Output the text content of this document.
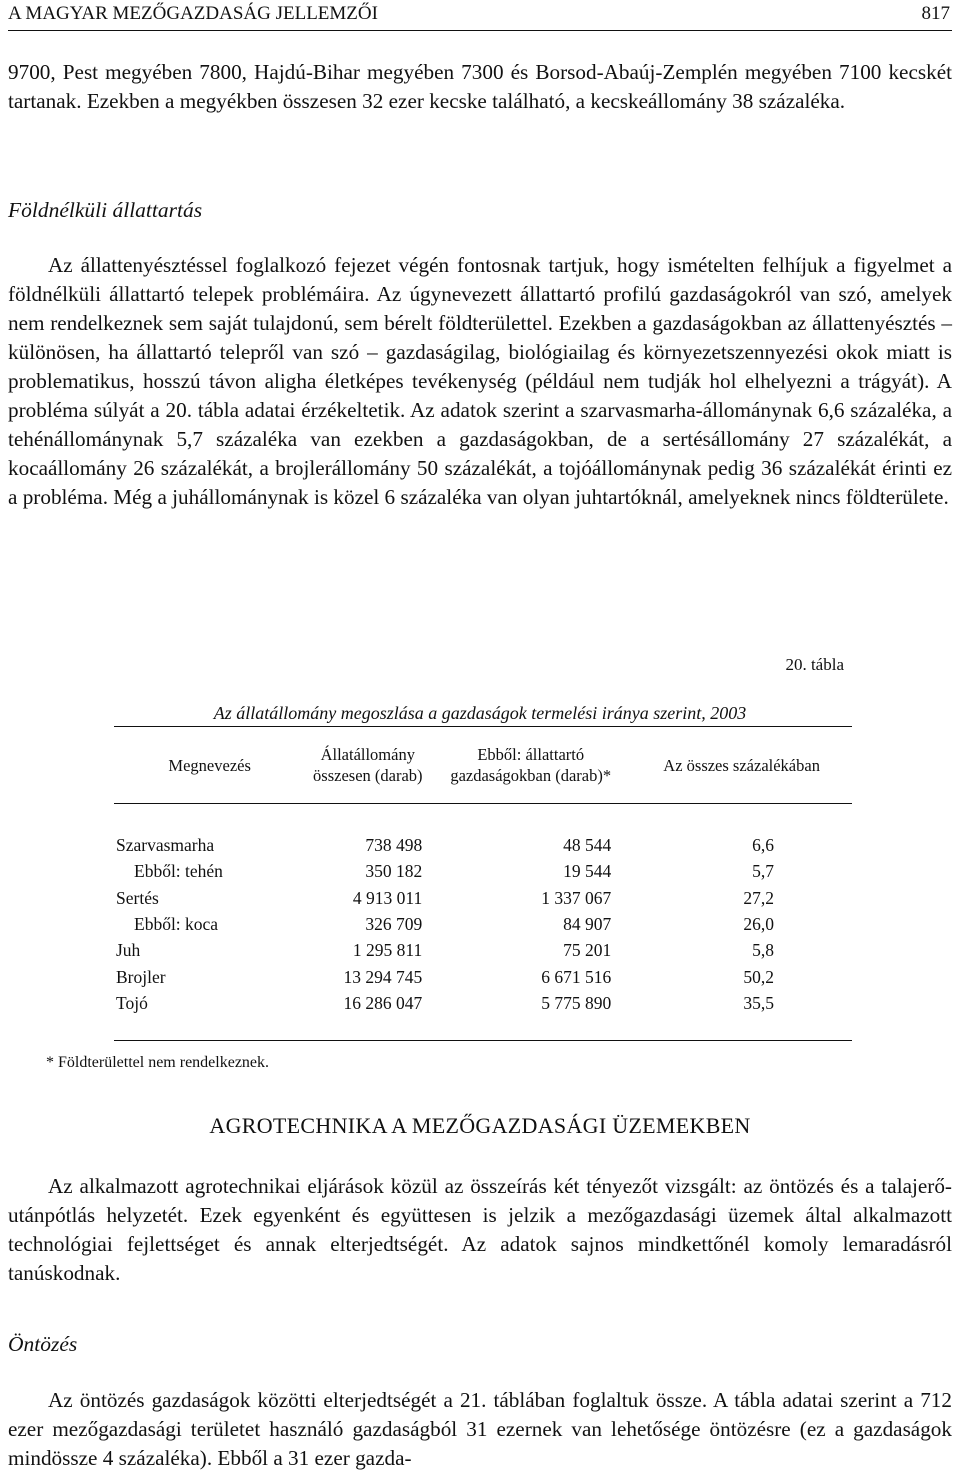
A MAGYAR MEZŐGAZDASÁG JELLEMZŐI	817

9700, Pest megyében 7800, Hajdú-Bihar megyében 7300 és Borsod-Abaúj-Zemplén megyében 7100 kecskét tartanak. Ezekben a megyékben összesen 32 ezer kecske található, a kecskeállomány 38 százaléka.

Földnélküli állattartás

Az állattenyésztéssel foglalkozó fejezet végén fontosnak tartjuk, hogy ismételten felhíjuk a figyelmet a földnélküli állattartó telepek problémáira. Az úgynevezett állattartó profilú gazdaságokról van szó, amelyek nem rendelkeznek sem saját tulajdonú, sem bérelt földterülettel. Ezekben a gazdaságokban az állattenyésztés – különösen, ha állattartó telepről van szó – gazdaságilag, biológiailag és környezetszennyezési okok miatt is problematikus, hosszú távon aligha életképes tevékenység (például nem tudják hol elhelyezni a trágyát). A probléma súlyát a 20. tábla adatai érzékeltetik. Az adatok szerint a szarvasmarha-állománynak 6,6 százaléka, a tehénállománynak 5,7 százaléka van ezekben a gazdaságokban, de a sertésállomány 27 százalékát, a kocaállomány 26 százalékát, a brojlerállomány 50 százalékát, a tojóállománynak pedig 36 százalékát érinti ez a probléma. Még a juhállománynak is közel 6 százaléka van olyan juhtartóknál, amelyeknek nincs földterülete.

20. tábla
Az állatállomány megoszlása a gazdaságok termelési iránya szerint, 2003
Megnevezés	Állatállomány összesen (darab)	Ebből: állattartó gazdaságokban (darab)*	Az összes százalékában
Szarvasmarha	738 498	48 544	6,6
Ebből: tehén	350 182	19 544	5,7
Sertés	4 913 011	1 337 067	27,2
Ebből: koca	326 709	84 907	26,0
Juh	1 295 811	75 201	5,8
Brojler	13 294 745	6 671 516	50,2
Tojó	16 286 047	5 775 890	35,5
* Földterülettel nem rendelkeznek.
AGROTECHNIKA A MEZŐGAZDASÁGI ÜZEMEKBEN

Az alkalmazott agrotechnikai eljárások közül az összeírás két tényezőt vizsgált: az öntözés és a talajerő-utánpótlás helyzetét. Ezek egyenként és együttesen is jelzik a mezőgazdasági üzemek által alkalmazott technológiai fejlettséget és annak elterjedtségét. Az adatok sajnos mindkettőnél komoly lemaradásról tanúskodnak.

Öntözés

Az öntözés gazdaságok közötti elterjedtségét a 21. táblában foglaltuk össze. A tábla adatai szerint a 712 ezer mezőgazdasági területet használó gazdaságból 31 ezernek van lehetősége öntözésre (ez a gazdaságok mindössze 4 százaléka). Ebből a 31 ezer gazda-
